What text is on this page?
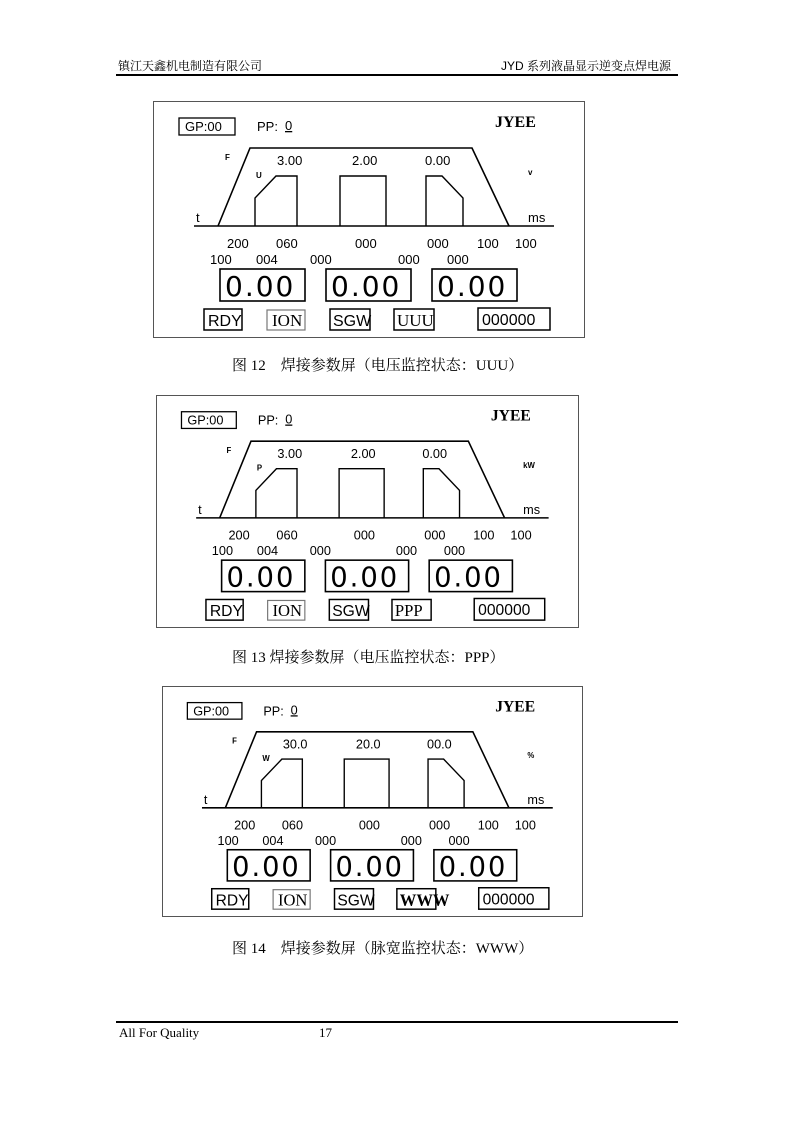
镇江天鑫机电制造有限公司	JYD 系列液晶显示逆变点焊电源
GP:00	PP: 0	JYEE
F
t	ms
U	v
3.00	2.00	0.00
200 060	000	000 100 100
100 004 000	000 000
0.00 0.00 0.00
RDY ION SGW UUU	000000
GP:00	PP: 0	JYEE
F
t	ms
P	kW
3.00	2.00	0.00
200 060	000	000 100 100
100 004 000	000 000
0.00 0.00 0.00
RDY ION SGW PPP	000000
GP:00	PP: 0	JYEE
F
t	ms
W	%
30.0	20.0	00.0
200 060	000	000 100 100
100 004 000	000 000
0.00 0.00 0.00
RDY ION SGW WWW 000000
图 12　焊接参数屏（电压监控状态：UUU）
图 13 焊接参数屏（电压监控状态：PPP）
图 14　焊接参数屏（脉宽监控状态：WWW）
All For Quality	17
